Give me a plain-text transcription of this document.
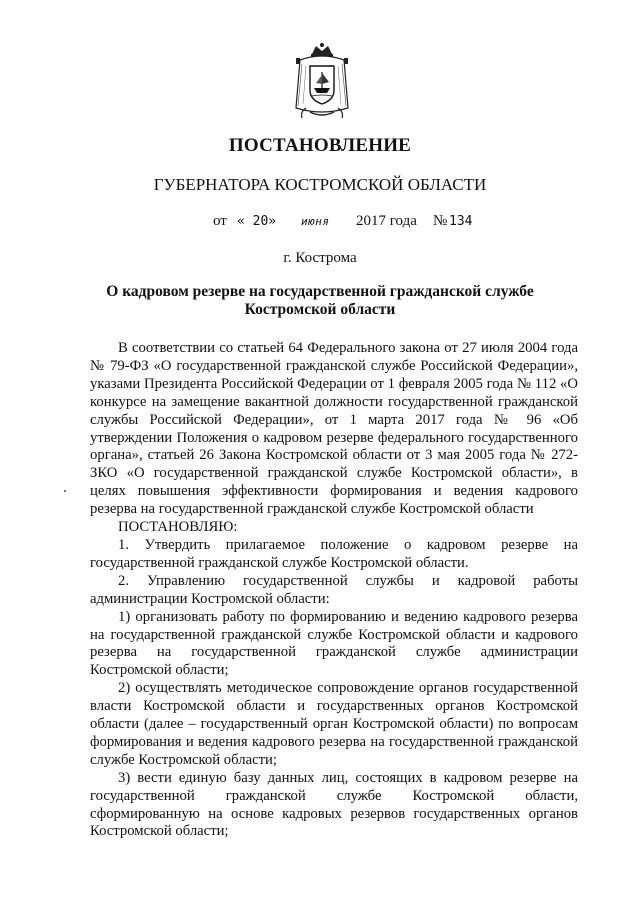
ПОСТАНОВЛЕНИЕ
ГУБЕРНАТОРА КОСТРОМСКОЙ ОБЛАСТИ
от « 20» июня 2017 года № 134
г. Кострома
О кадровом резерве на государственной гражданской службе
Костромской области

В соответствии со статьей 64 Федерального закона от 27 июля 2004 года № 79-ФЗ «О государственной гражданской службе Российской Федерации», указами Президента Российской Федерации от 1 февраля 2005 года № 112 «О конкурсе на замещение вакантной должности государственной гражданской службы Российской Федерации», от 1 марта 2017 года № 96 «Об утверждении Положения о кадровом резерве федерального государственного органа», статьей 26 Закона Костромской области от 3 мая 2005 года № 272-ЗКО «О государственной гражданской службе Костромской области», в целях повышения эффективности формирования и ведения кадрового резерва на государственной гражданской службе Костромской области

ПОСТАНОВЛЯЮ:

1. Утвердить прилагаемое положение о кадровом резерве на государственной гражданской службе Костромской области.

2. Управлению государственной службы и кадровой работы администрации Костромской области:

1) организовать работу по формированию и ведению кадрового резерва на государственной гражданской службе Костромской области и кадрового резерва на государственной гражданской службе администрации Костромской области;

2) осуществлять методическое сопровождение органов государственной власти Костромской области и государственных органов Костромской области (далее – государственный орган Костромской области) по вопросам формирования и ведения кадрового резерва на государственной гражданской службе Костромской области;

3) вести единую базу данных лиц, состоящих в кадровом резерве на государственной гражданской службе Костромской области, сформированную на основе кадровых резервов государственных органов Костромской области;
